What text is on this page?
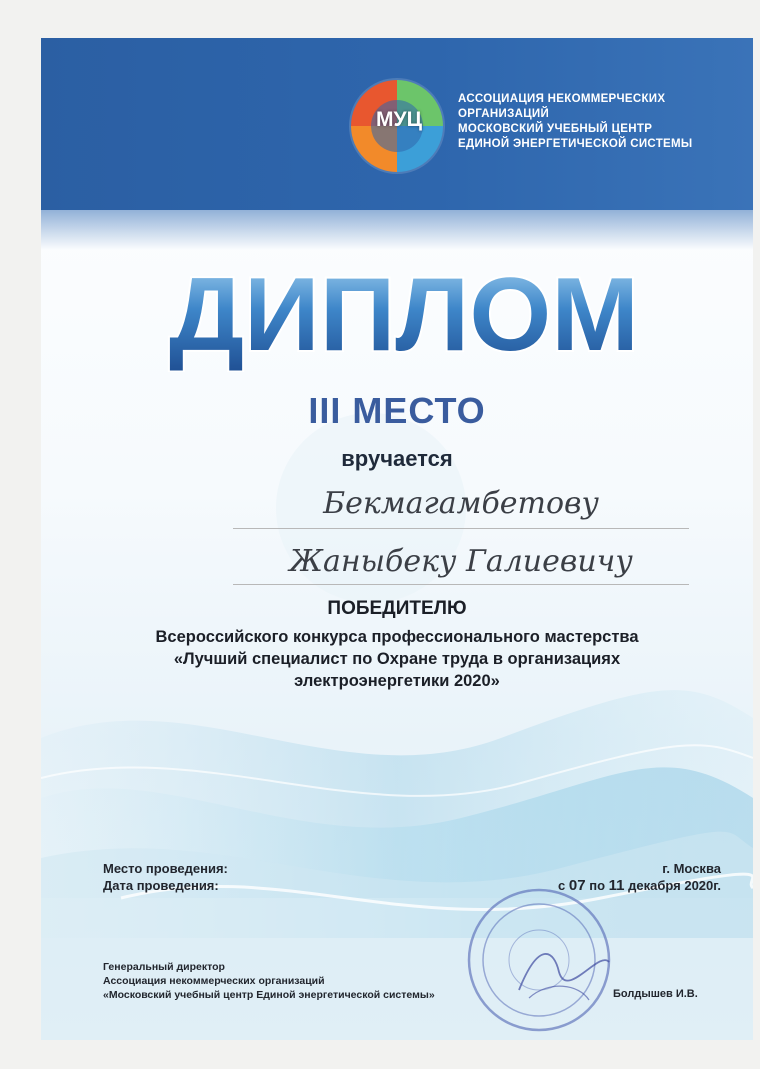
МУЦ
АССОЦИАЦИЯ НЕКОММЕРЧЕСКИХ
ОРГАНИЗАЦИЙ
МОСКОВСКИЙ УЧЕБНЫЙ ЦЕНТР
ЕДИНОЙ ЭНЕРГЕТИЧЕСКОЙ СИСТЕМЫ
ДИПЛОМ
III МЕСТО
вручается
Бекмагамбетову
Жаныбеку Галиевичу
ПОБЕДИТЕЛЮ
Всероссийского конкурса профессионального мастерства
«Лучший специалист по Охране труда в организациях
электроэнергетики 2020»
Место проведения:
Дата проведения:
г. Москва
с 07 по 11 декабря 2020г.
Генеральный директор
Ассоциация некоммерческих организаций
«Московский учебный центр Единой энергетической системы»	Болдышев И.В.
